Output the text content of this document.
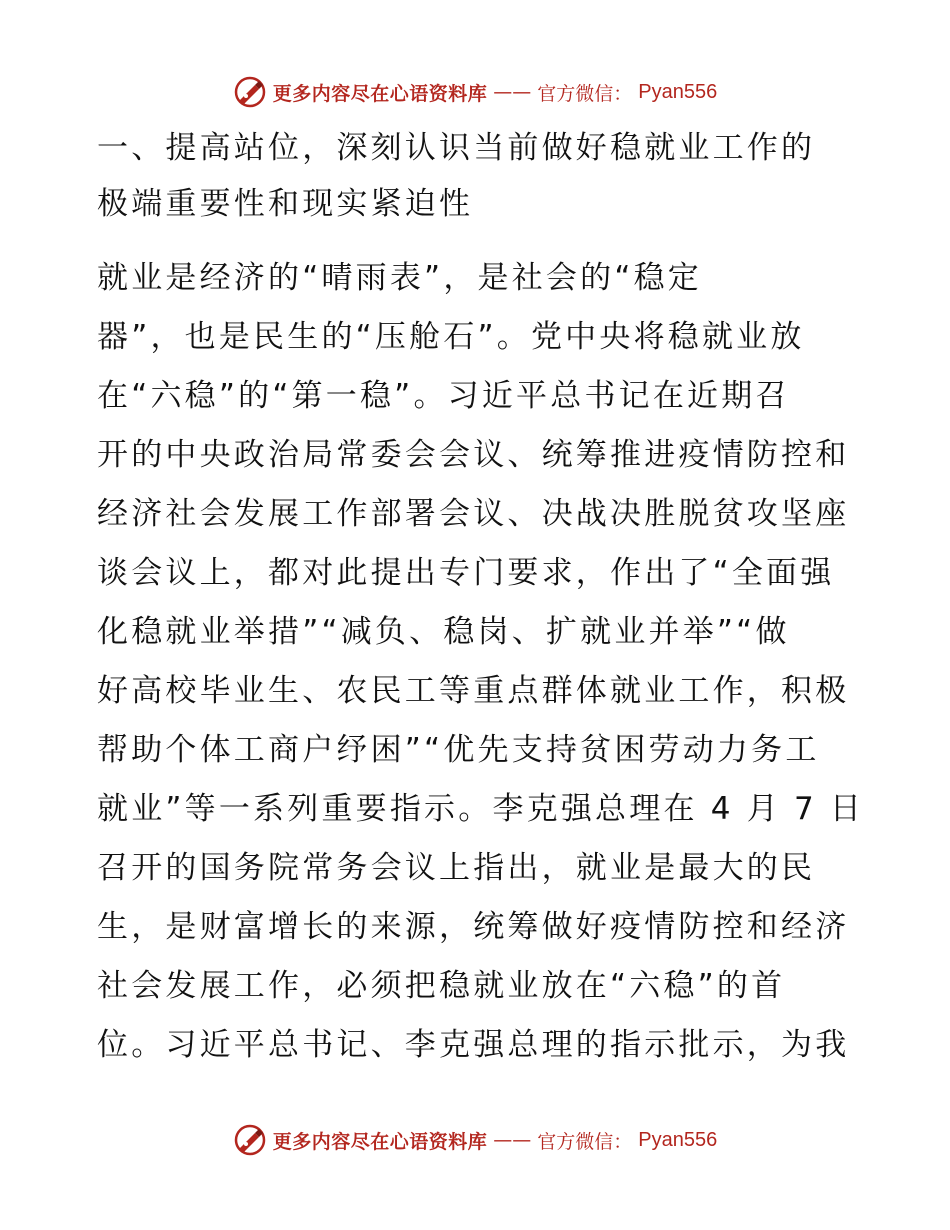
更多内容尽在心语资料库 —— 官方微信： Pyan556
一、提高站位，深刻认识当前做好稳就业工作的
极端重要性和现实紧迫性
就业是经济的“晴雨表”，是社会的“稳定
器”，也是民生的“压舱石”。党中央将稳就业放
在“六稳”的“第一稳”。习近平总书记在近期召
开的中央政治局常委会会议、统筹推进疫情防控和
经济社会发展工作部署会议、决战决胜脱贫攻坚座
谈会议上，都对此提出专门要求，作出了“全面强
化稳就业举措”“减负、稳岗、扩就业并举”“做
好高校毕业生、农民工等重点群体就业工作，积极
帮助个体工商户纾困”“优先支持贫困劳动力务工
就业”等一系列重要指示。李克强总理在 4 月 7 日
召开的国务院常务会议上指出，就业是最大的民
生，是财富增长的来源，统筹做好疫情防控和经济
社会发展工作，必须把稳就业放在“六稳”的首
位。习近平总书记、李克强总理的指示批示，为我
更多内容尽在心语资料库 —— 官方微信： Pyan556
